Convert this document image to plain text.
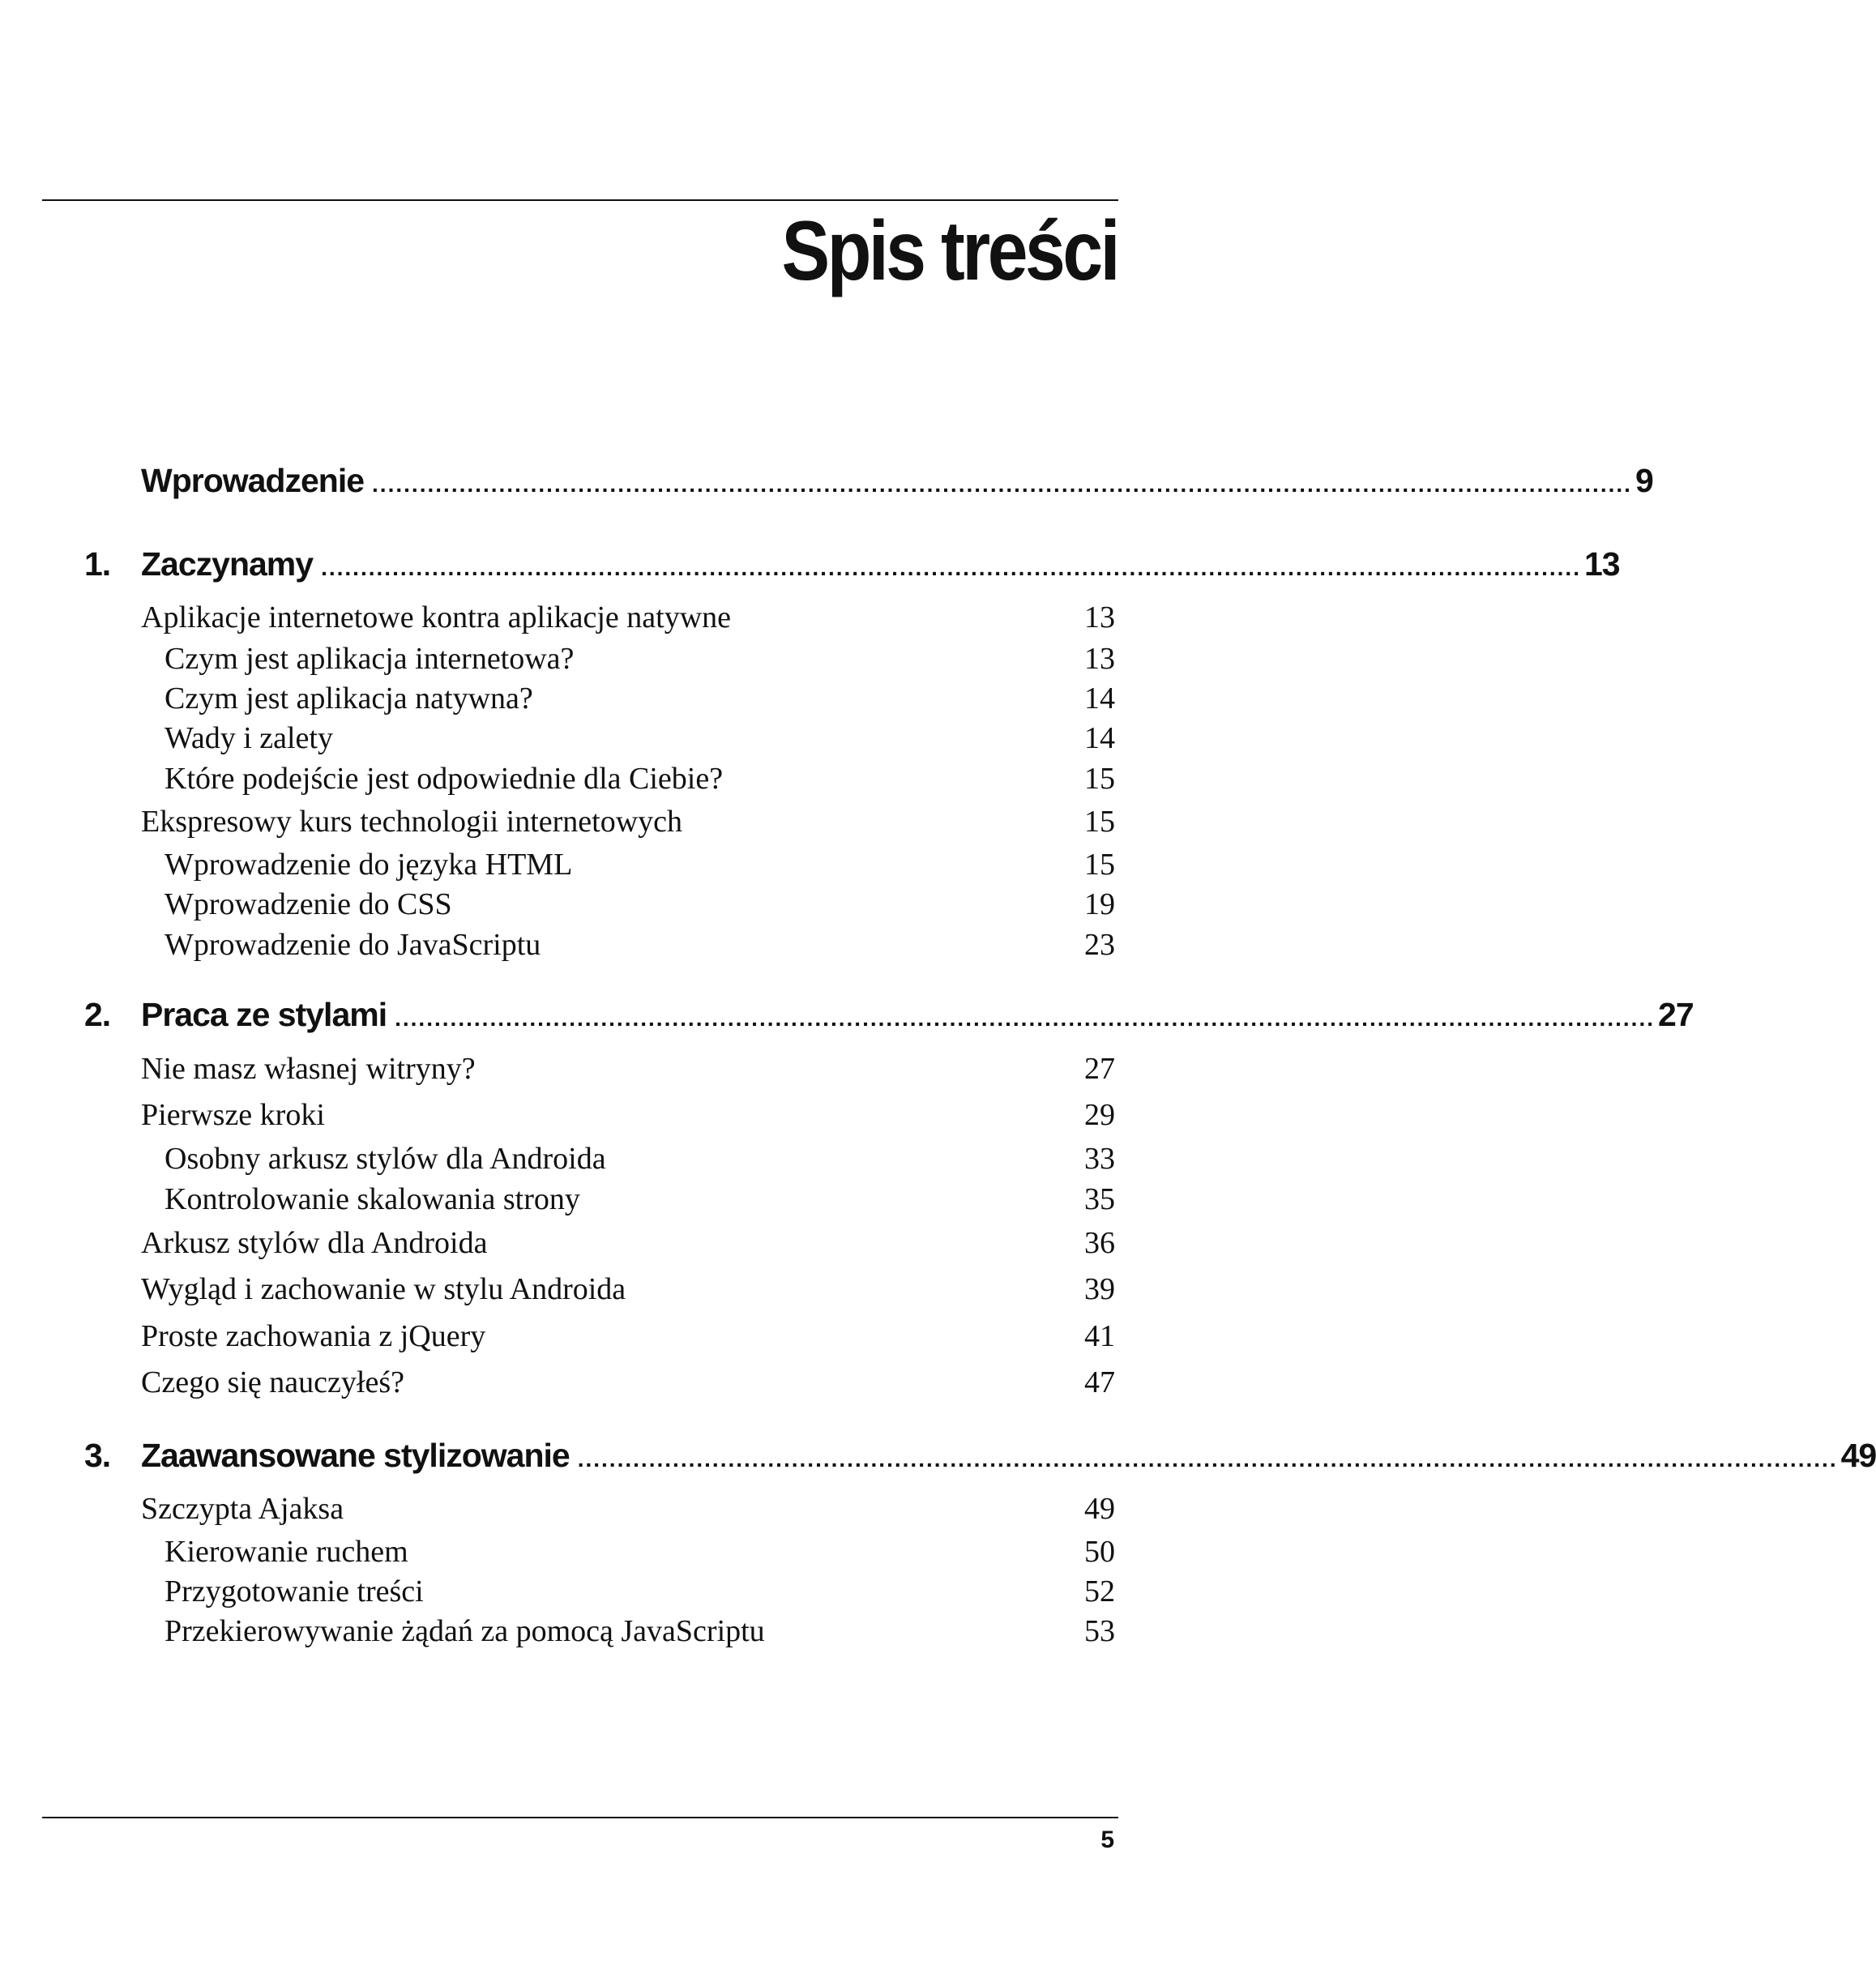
Spis treści
Wprowadzenie ............................................................................................................................................................... 9
1. Zaczynamy ............................................................................................................................................................... 13
Aplikacje internetowe kontra aplikacje natywne	13
Czym jest aplikacja internetowa?	13
Czym jest aplikacja natywna?	14
Wady i zalety	14
Które podejście jest odpowiednie dla Ciebie?	15
Ekspresowy kurs technologii internetowych	15
Wprowadzenie do języka HTML	15
Wprowadzenie do CSS	19
Wprowadzenie do JavaScriptu	23
2. Praca ze stylami ............................................................................................................................................................... 27
Nie masz własnej witryny?	27
Pierwsze kroki	29
Osobny arkusz stylów dla Androida	33
Kontrolowanie skalowania strony	35
Arkusz stylów dla Androida	36
Wygląd i zachowanie w stylu Androida	39
Proste zachowania z jQuery	41
Czego się nauczyłeś?	47
3. Zaawansowane stylizowanie ............................................................................................................................................................... 49
Szczypta Ajaksa	49
Kierowanie ruchem	50
Przygotowanie treści	52
Przekierowywanie żądań za pomocą JavaScriptu	53
5
